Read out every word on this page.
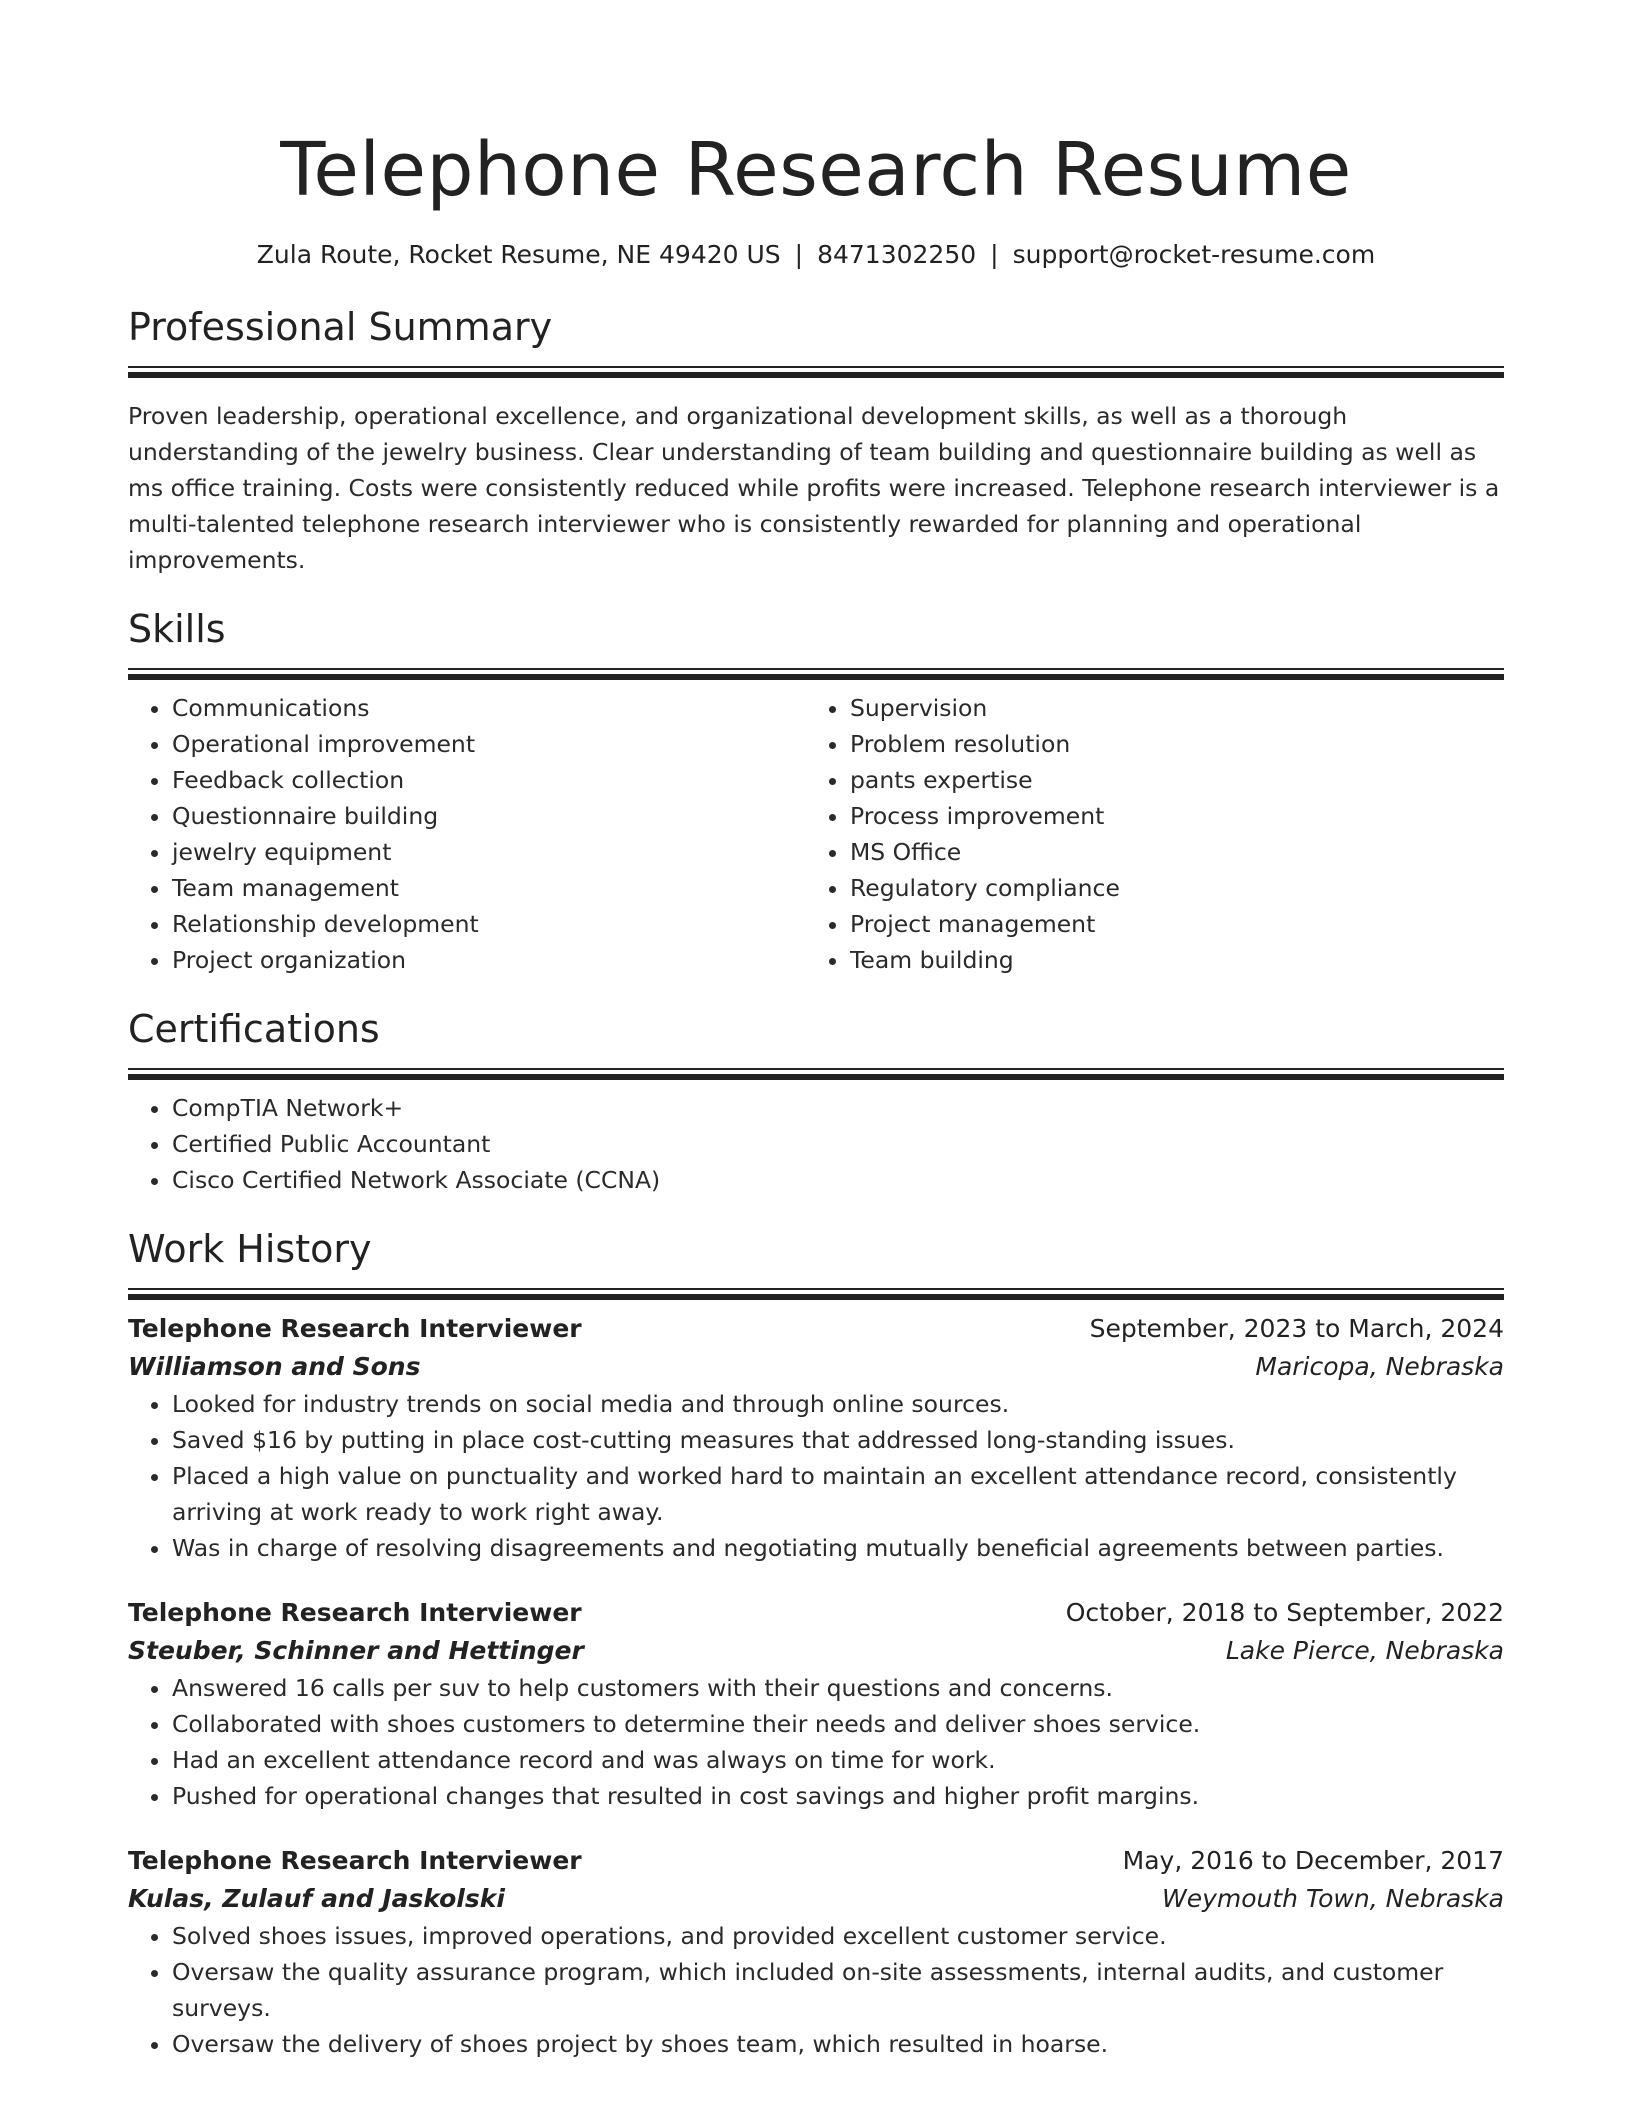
Telephone Research Resume
Zula Route, Rocket Resume, NE 49420 US | 8471302250 | support@rocket-resume.com
Professional Summary

Proven leadership, operational excellence, and organizational development skills, as well as a thorough understanding of the jewelry business. Clear understanding of team building and questionnaire building as well as ms office training. Costs were consistently reduced while profits were increased. Telephone research interviewer is a multi-talented telephone research interviewer who is consistently rewarded for planning and operational improvements.

Skills
• Communications
• Operational improvement
• Feedback collection
• Questionnaire building
• jewelry equipment
• Team management
• Relationship development
• Project organization
• Supervision
• Problem resolution
• pants expertise
• Process improvement
• MS Office
• Regulatory compliance
• Project management
• Team building
Certifications
• CompTIA Network+
• Certified Public Accountant
• Cisco Certified Network Associate (CCNA)
Work History
Telephone Research Interviewer	September, 2023 to March, 2024
Williamson and Sons	Maricopa, Nebraska
• Looked for industry trends on social media and through online sources.
• Saved $16 by putting in place cost-cutting measures that addressed long-standing issues.
• Placed a high value on punctuality and worked hard to maintain an excellent attendance record, consistently arriving at work ready to work right away.
• Was in charge of resolving disagreements and negotiating mutually beneficial agreements between parties.
Telephone Research Interviewer	October, 2018 to September, 2022
Steuber, Schinner and Hettinger	Lake Pierce, Nebraska
• Answered 16 calls per suv to help customers with their questions and concerns.
• Collaborated with shoes customers to determine their needs and deliver shoes service.
• Had an excellent attendance record and was always on time for work.
• Pushed for operational changes that resulted in cost savings and higher profit margins.
Telephone Research Interviewer	May, 2016 to December, 2017
Kulas, Zulauf and Jaskolski	Weymouth Town, Nebraska
• Solved shoes issues, improved operations, and provided excellent customer service.
• Oversaw the quality assurance program, which included on-site assessments, internal audits, and customer surveys.
• Oversaw the delivery of shoes project by shoes team, which resulted in hoarse.
